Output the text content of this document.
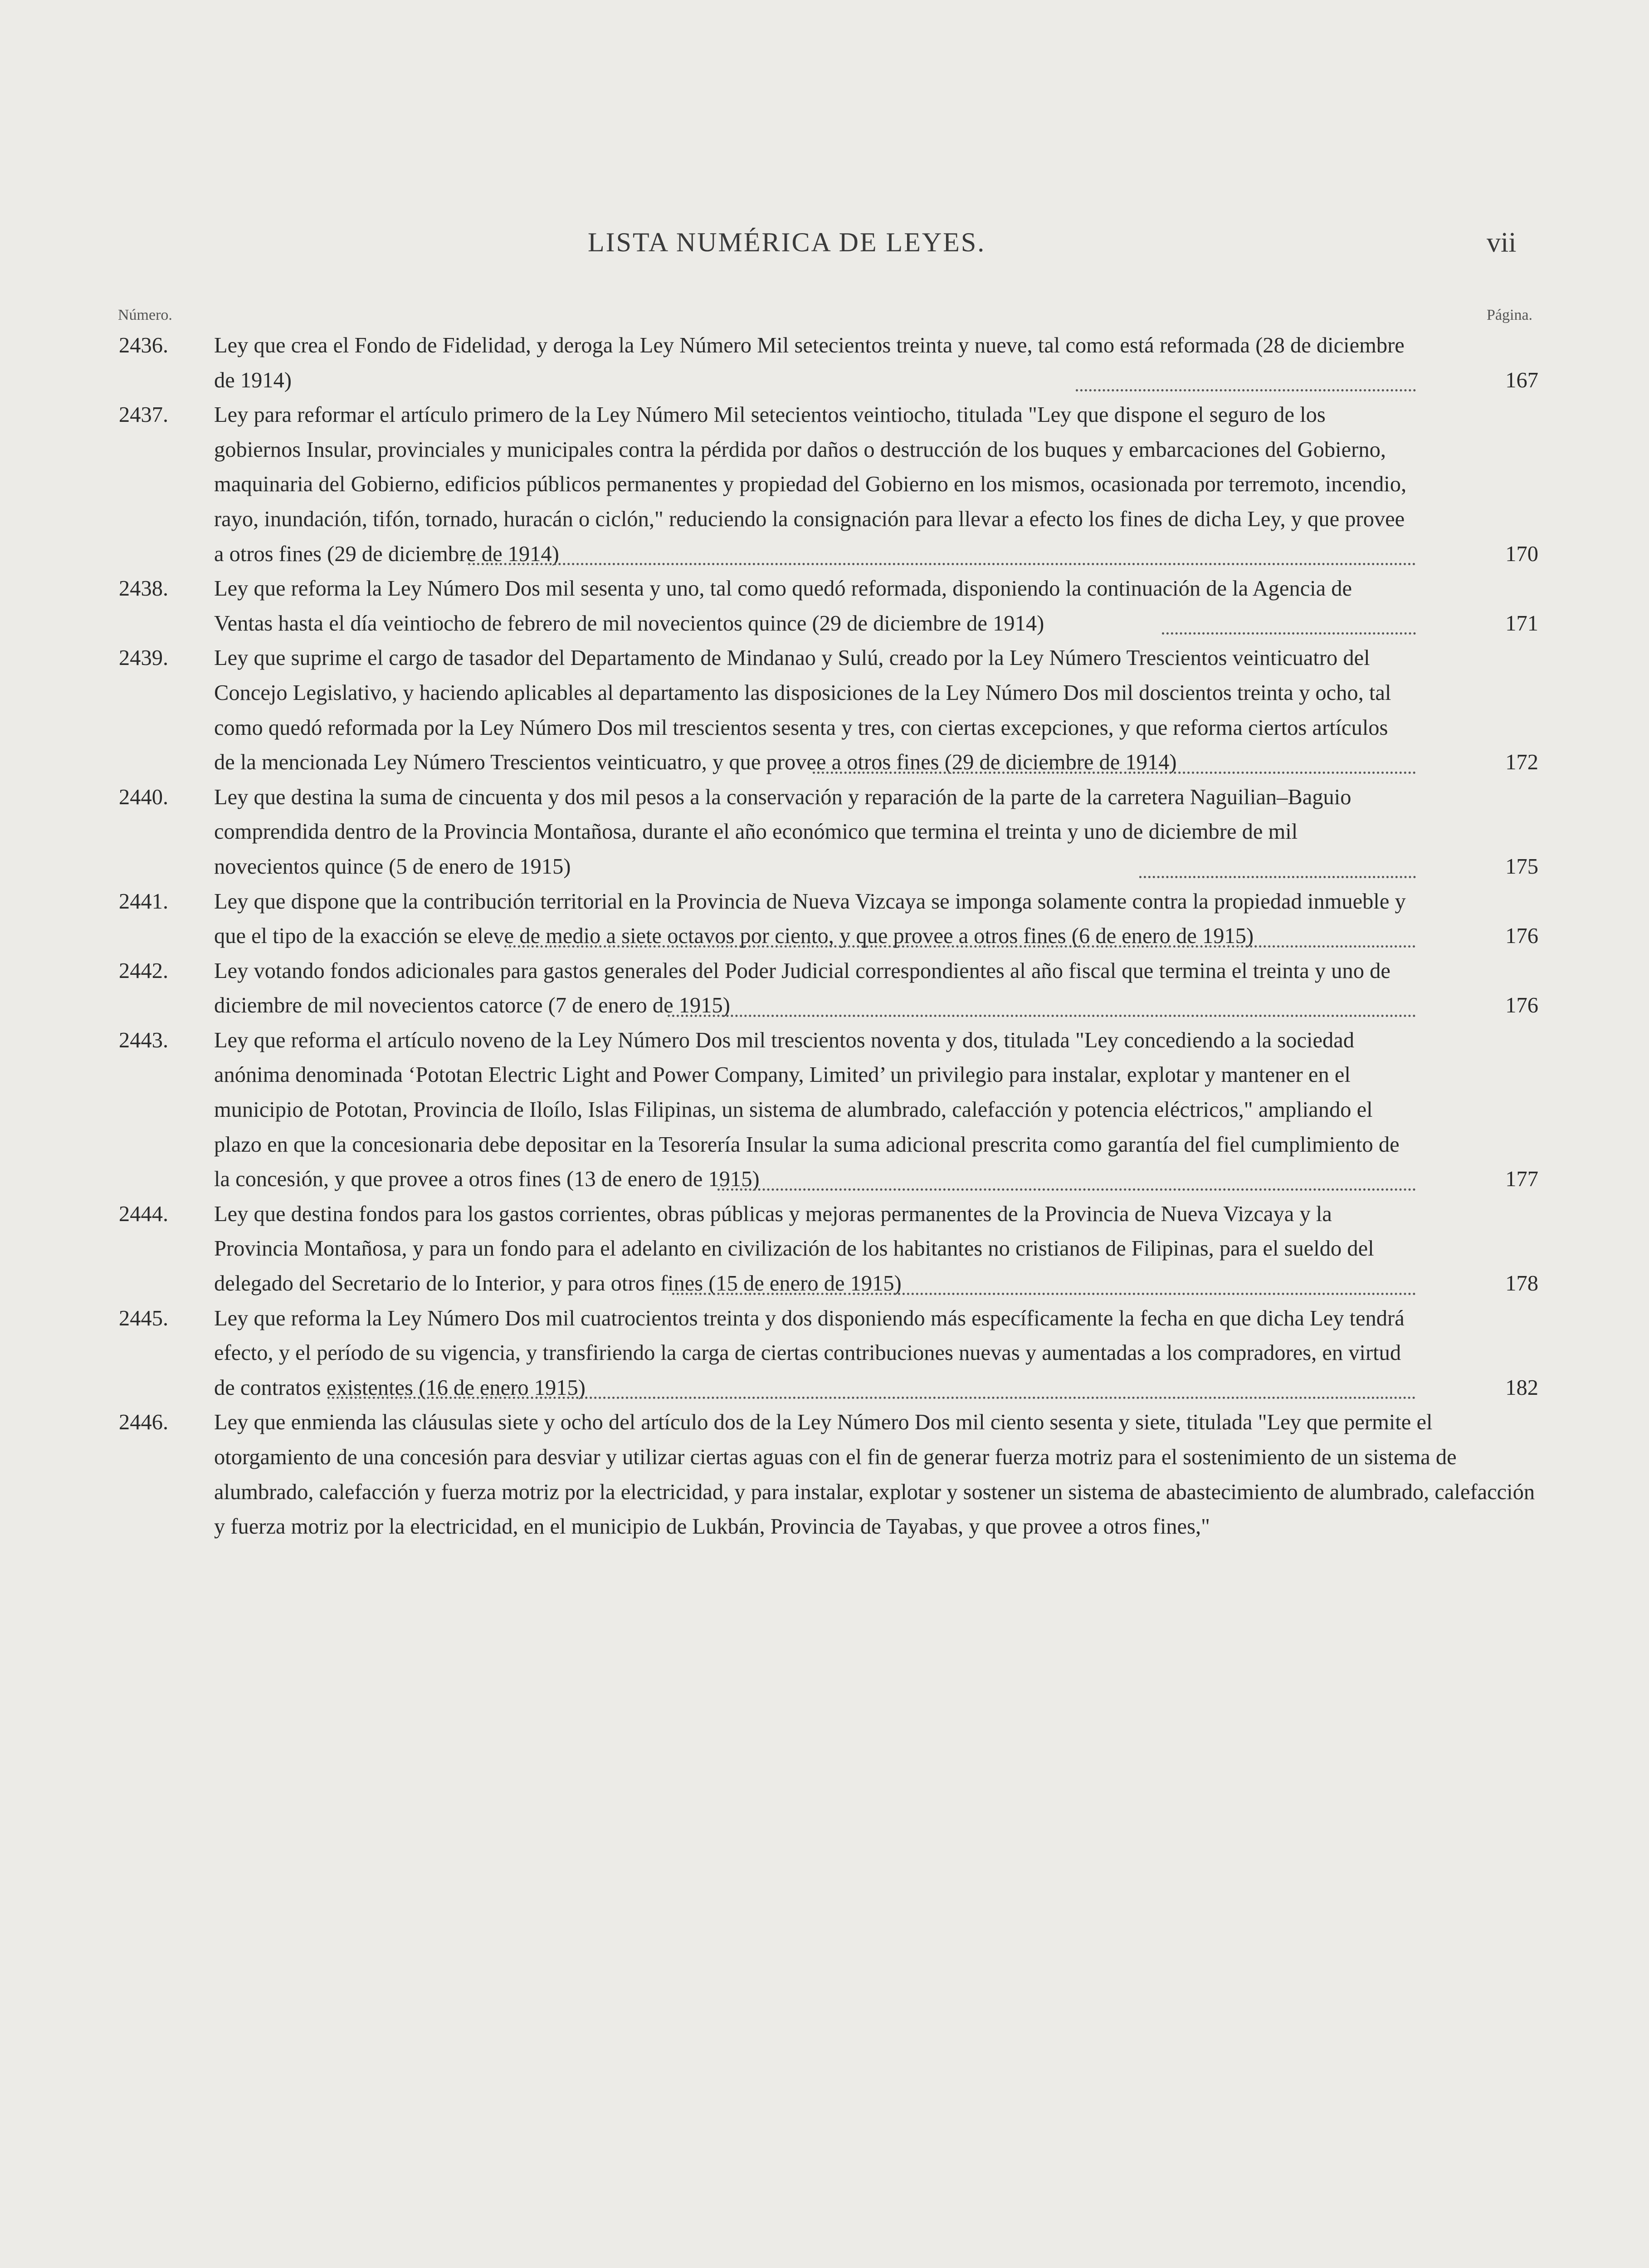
LISTA NUMÉRICA DE LEYES.	vii
Número.	Página.
2436.	Ley que crea el Fondo de Fidelidad, y deroga la Ley Número Mil setecientos treinta y nueve, tal como está reformada (28 de diciembre de 1914)	167
2437.	Ley para reformar el artículo primero de la Ley Número Mil setecientos veintiocho, titulada "Ley que dispone el seguro de los gobiernos Insular, provinciales y municipales contra la pérdida por daños o destrucción de los buques y embarcaciones del Gobierno, maquinaria del Gobierno, edificios públicos permanentes y propiedad del Gobierno en los mismos, ocasionada por terremoto, incendio, rayo, inundación, tifón, tornado, huracán o ciclón," reduciendo la consignación para llevar a efecto los fines de dicha Ley, y que provee a otros fines (29 de diciembre de 1914)	170
2438.	Ley que reforma la Ley Número Dos mil sesenta y uno, tal como quedó reformada, disponiendo la continuación de la Agencia de Ventas hasta el día veintiocho de febrero de mil novecientos quince (29 de diciembre de 1914)	171
2439.	Ley que suprime el cargo de tasador del Departamento de Mindanao y Sulú, creado por la Ley Número Trescientos veinticuatro del Concejo Legislativo, y haciendo aplicables al departamento las disposiciones de la Ley Número Dos mil doscientos treinta y ocho, tal como quedó reformada por la Ley Número Dos mil trescientos sesenta y tres, con ciertas excepciones, y que reforma ciertos artículos de la mencionada Ley Número Trescientos veinticuatro, y que provee a otros fines (29 de diciembre de 1914)	172
2440.	Ley que destina la suma de cincuenta y dos mil pesos a la conservación y reparación de la parte de la carretera Naguilian–Baguio comprendida dentro de la Provincia Montañosa, durante el año económico que termina el treinta y uno de diciembre de mil novecientos quince (5 de enero de 1915)	175
2441.	Ley que dispone que la contribución territorial en la Provincia de Nueva Vizcaya se imponga solamente contra la propiedad inmueble y que el tipo de la exacción se eleve de medio a siete octavos por ciento, y que provee a otros fines (6 de enero de 1915)	176
2442.	Ley votando fondos adicionales para gastos generales del Poder Judicial correspondientes al año fiscal que termina el treinta y uno de diciembre de mil novecientos catorce (7 de enero de 1915)	176
2443.	Ley que reforma el artículo noveno de la Ley Número Dos mil trescientos noventa y dos, titulada "Ley concediendo a la sociedad anónima denominada ‘Pototan Electric Light and Power Company, Limited’ un privilegio para instalar, explotar y mantener en el municipio de Pototan, Provincia de Iloílo, Islas Filipinas, un sistema de alumbrado, calefacción y potencia eléctricos," ampliando el plazo en que la concesionaria debe depositar en la Tesorería Insular la suma adicional prescrita como garantía del fiel cumplimiento de la concesión, y que provee a otros fines (13 de enero de 1915)	177
2444.	Ley que destina fondos para los gastos corrientes, obras públicas y mejoras permanentes de la Provincia de Nueva Vizcaya y la Provincia Montañosa, y para un fondo para el adelanto en civilización de los habitantes no cristianos de Filipinas, para el sueldo del delegado del Secretario de lo Interior, y para otros fines (15 de enero de 1915)	178
2445.	Ley que reforma la Ley Número Dos mil cuatrocientos treinta y dos disponiendo más específicamente la fecha en que dicha Ley tendrá efecto, y el período de su vigencia, y transfiriendo la carga de ciertas contribuciones nuevas y aumentadas a los compradores, en virtud de contratos existentes (16 de enero 1915)	182
2446.	Ley que enmienda las cláusulas siete y ocho del artículo dos de la Ley Número Dos mil ciento sesenta y siete, titulada "Ley que permite el otorgamiento de una concesión para desviar y utilizar ciertas aguas con el fin de generar fuerza motriz para el sostenimiento de un sistema de alumbrado, calefacción y fuerza motriz por la electricidad, y para instalar, explotar y sostener un sistema de abastecimiento de alumbrado, calefacción y fuerza motriz por la electricidad, en el municipio de Lukbán, Provincia de Tayabas, y que provee a otros fines,"
